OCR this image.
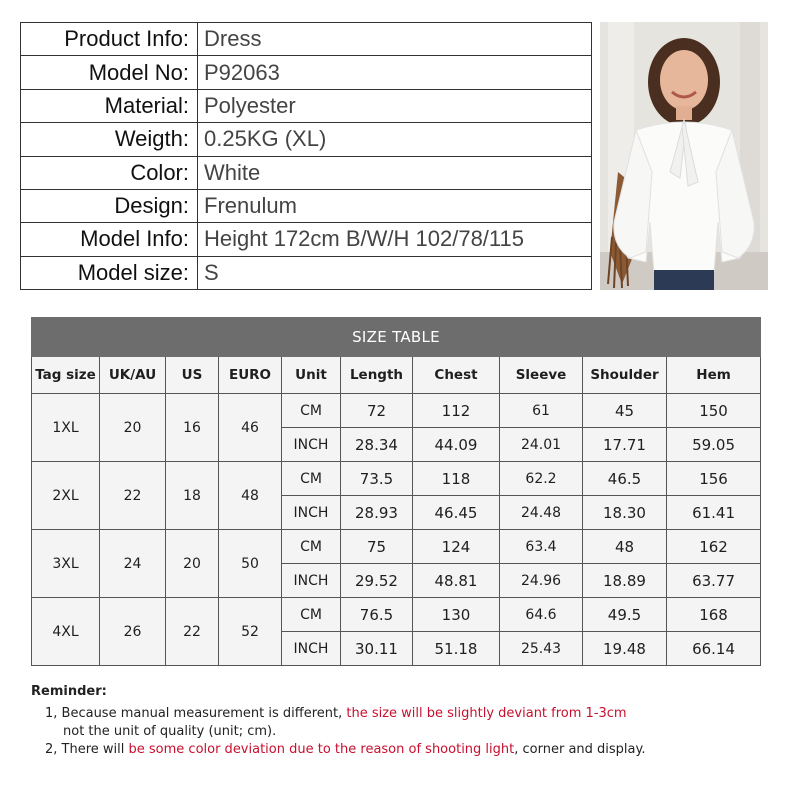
Product Info:	Dress
Model No:	P92063
Material:	Polyester
Weigth:	0.25KG (XL)
Color:	White
Design:	Frenulum
Model Info:	Height 172cm B/W/H 102/78/115
Model size:	S
SIZE TABLE									
Tag size	UK/AU	US	EURO	Unit	Length	Chest	Sleeve	Shoulder	Hem
1XL	20	16	46	CM	72	112	61	45	150
				INCH	28.34	44.09	24.01	17.71	59.05
2XL	22	18	48	CM	73.5	118	62.2	46.5	156
				INCH	28.93	46.45	24.48	18.30	61.41
3XL	24	20	50	CM	75	124	63.4	48	162
				INCH	29.52	48.81	24.96	18.89	63.77
4XL	26	22	52	CM	76.5	130	64.6	49.5	168
				INCH	30.11	51.18	25.43	19.48	66.14
Reminder:
1, Because manual measurement is different, the size will be slightly deviant from 1-3cm
not the unit of quality (unit; cm).
2, There will be some color deviation due to the reason of shooting light, corner and display.
